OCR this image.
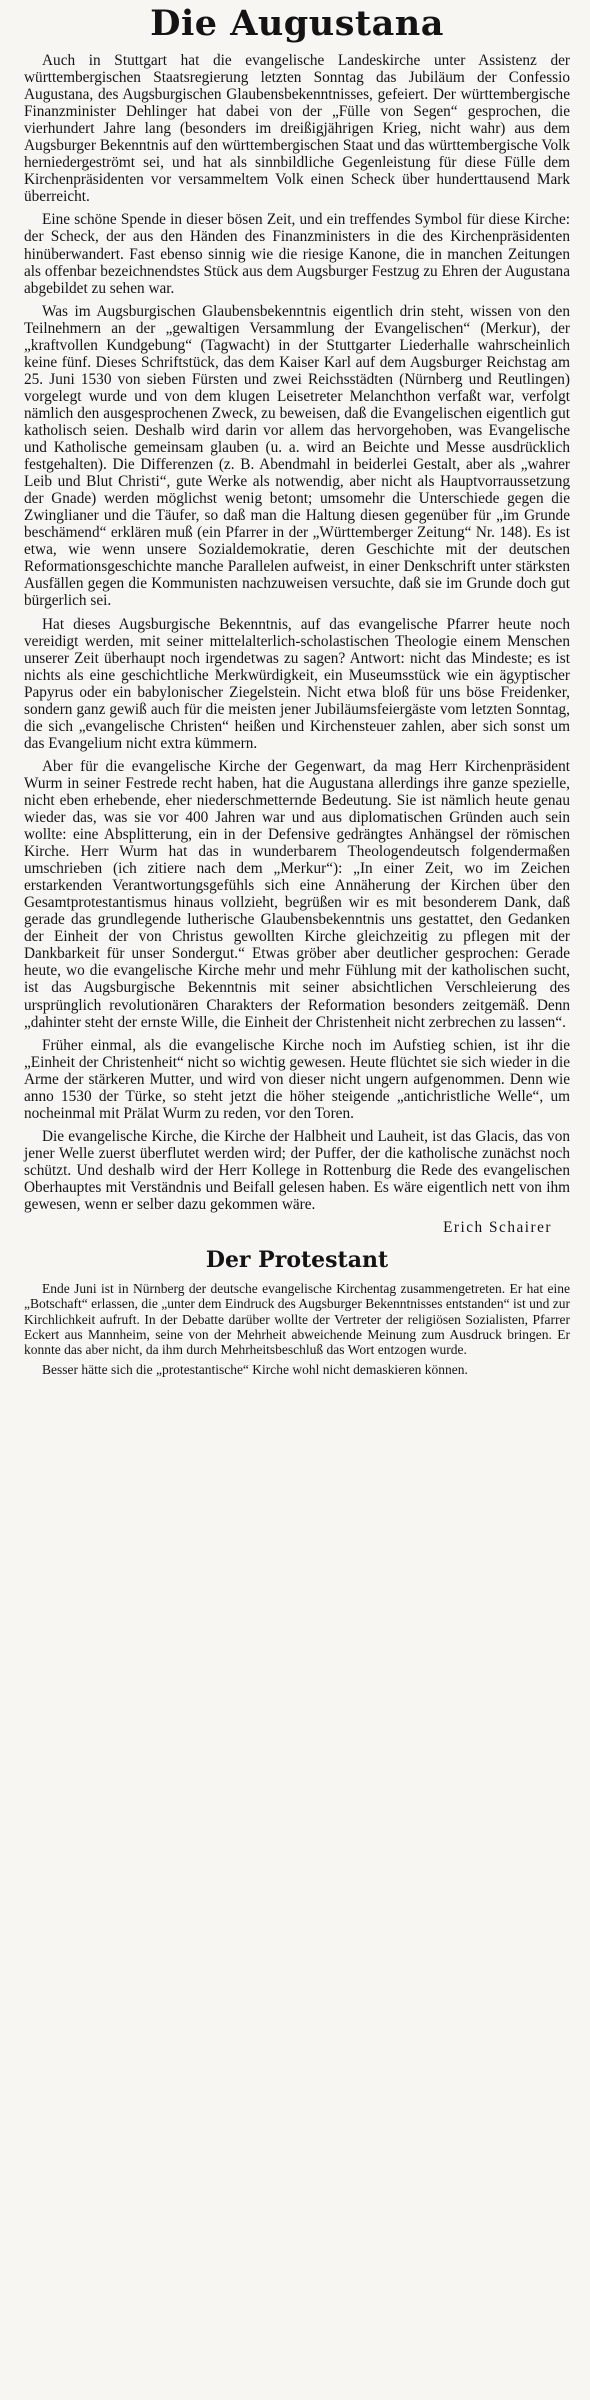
Die Augustana

Auch in Stuttgart hat die evangelische Landeskirche unter Assistenz der württembergischen Staatsregierung letzten Sonntag das Jubiläum der Confessio Augustana, des Augsburgischen Glaubensbekenntnisses, gefeiert. Der württembergische Finanzminister Dehlinger hat dabei von der „Fülle von Segen“ gesprochen, die vierhundert Jahre lang (besonders im dreißigjährigen Krieg, nicht wahr) aus dem Augsburger Bekenntnis auf den württembergischen Staat und das württembergische Volk herniedergeströmt sei, und hat als sinnbildliche Gegenleistung für diese Fülle dem Kirchenpräsidenten vor versammeltem Volk einen Scheck über hunderttausend Mark überreicht.

Eine schöne Spende in dieser bösen Zeit, und ein treffendes Symbol für diese Kirche: der Scheck, der aus den Händen des Finanzministers in die des Kirchenpräsidenten hinüberwandert. Fast ebenso sinnig wie die riesige Kanone, die in manchen Zeitungen als offenbar bezeichnendstes Stück aus dem Augsburger Festzug zu Ehren der Augustana abgebildet zu sehen war.

Was im Augsburgischen Glaubensbekenntnis eigentlich drin steht, wissen von den Teilnehmern an der „gewaltigen Versammlung der Evangelischen“ (Merkur), der „kraftvollen Kundgebung“ (Tagwacht) in der Stuttgarter Liederhalle wahrscheinlich keine fünf. Dieses Schriftstück, das dem Kaiser Karl auf dem Augsburger Reichstag am 25. Juni 1530 von sieben Fürsten und zwei Reichsstädten (Nürnberg und Reutlingen) vorgelegt wurde und von dem klugen Leisetreter Melanchthon verfaßt war, verfolgt nämlich den ausgesprochenen Zweck, zu beweisen, daß die Evangelischen eigentlich gut katholisch seien. Deshalb wird darin vor allem das hervorgehoben, was Evangelische und Katholische gemeinsam glauben (u. a. wird an Beichte und Messe ausdrücklich festgehalten). Die Differenzen (z. B. Abendmahl in beiderlei Gestalt, aber als „wahrer Leib und Blut Christi“, gute Werke als notwendig, aber nicht als Hauptvorraussetzung der Gnade) werden möglichst wenig betont; umsomehr die Unterschiede gegen die Zwinglianer und die Täufer, so daß man die Haltung diesen gegenüber für „im Grunde beschämend“ erklären muß (ein Pfarrer in der „Württemberger Zeitung“ Nr. 148). Es ist etwa, wie wenn unsere Sozialdemokratie, deren Geschichte mit der deutschen Reformationsgeschichte manche Parallelen aufweist, in einer Denkschrift unter stärksten Ausfällen gegen die Kommunisten nachzuweisen versuchte, daß sie im Grunde doch gut bürgerlich sei.

Hat dieses Augsburgische Bekenntnis, auf das evangelische Pfarrer heute noch vereidigt werden, mit seiner mittelalterlich-scholastischen Theologie einem Menschen unserer Zeit überhaupt noch irgendetwas zu sagen? Antwort: nicht das Mindeste; es ist nichts als eine geschichtliche Merkwürdigkeit, ein Museumsstück wie ein ägyptischer Papyrus oder ein babylonischer Ziegelstein. Nicht etwa bloß für uns böse Freidenker, sondern ganz gewiß auch für die meisten jener Jubiläumsfeiergäste vom letzten Sonntag, die sich „evangelische Christen“ heißen und Kirchensteuer zahlen, aber sich sonst um das Evangelium nicht extra kümmern.

Aber für die evangelische Kirche der Gegenwart, da mag Herr Kirchenpräsident Wurm in seiner Festrede recht haben, hat die Augustana allerdings ihre ganze spezielle, nicht eben erhebende, eher niederschmetternde Bedeutung. Sie ist nämlich heute genau wieder das, was sie vor 400 Jahren war und aus diplomatischen Gründen auch sein wollte: eine Absplitterung, ein in der Defensive gedrängtes Anhängsel der römischen Kirche. Herr Wurm hat das in wunderbarem Theologendeutsch folgendermaßen umschrieben (ich zitiere nach dem „Merkur“): „In einer Zeit, wo im Zeichen erstarkenden Verantwortungsgefühls sich eine Annäherung der Kirchen über den Gesamtprotestantismus hinaus vollzieht, begrüßen wir es mit besonderem Dank, daß gerade das grundlegende lutherische Glaubensbekenntnis uns gestattet, den Gedanken der Einheit der von Christus gewollten Kirche gleichzeitig zu pflegen mit der Dankbarkeit für unser Sondergut.“ Etwas gröber aber deutlicher gesprochen: Gerade heute, wo die evangelische Kirche mehr und mehr Fühlung mit der katholischen sucht, ist das Augsburgische Bekenntnis mit seiner absichtlichen Verschleierung des ursprünglich revolutionären Charakters der Reformation besonders zeitgemäß. Denn „dahinter steht der ernste Wille, die Einheit der Christenheit nicht zerbrechen zu lassen“.

Früher einmal, als die evangelische Kirche noch im Aufstieg schien, ist ihr die „Einheit der Christenheit“ nicht so wichtig gewesen. Heute flüchtet sie sich wieder in die Arme der stärkeren Mutter, und wird von dieser nicht ungern aufgenommen. Denn wie anno 1530 der Türke, so steht jetzt die höher steigende „antichristliche Welle“, um nocheinmal mit Prälat Wurm zu reden, vor den Toren.

Die evangelische Kirche, die Kirche der Halbheit und Lauheit, ist das Glacis, das von jener Welle zuerst überflutet werden wird; der Puffer, der die katholische zunächst noch schützt. Und deshalb wird der Herr Kollege in Rottenburg die Rede des evangelischen Oberhauptes mit Verständnis und Beifall gelesen haben. Es wäre eigentlich nett von ihm gewesen, wenn er selber dazu gekommen wäre.

Erich Schairer
Der Protestant

Ende Juni ist in Nürnberg der deutsche evangelische Kirchentag zusammengetreten. Er hat eine „Botschaft“ erlassen, die „unter dem Eindruck des Augsburger Bekenntnisses entstanden“ ist und zur Kirchlichkeit aufruft. In der Debatte darüber wollte der Vertreter der religiösen Sozialisten, Pfarrer Eckert aus Mannheim, seine von der Mehrheit abweichende Meinung zum Ausdruck bringen. Er konnte das aber nicht, da ihm durch Mehrheitsbeschluß das Wort entzogen wurde.

Besser hätte sich die „protestantische“ Kirche wohl nicht demaskieren können.
